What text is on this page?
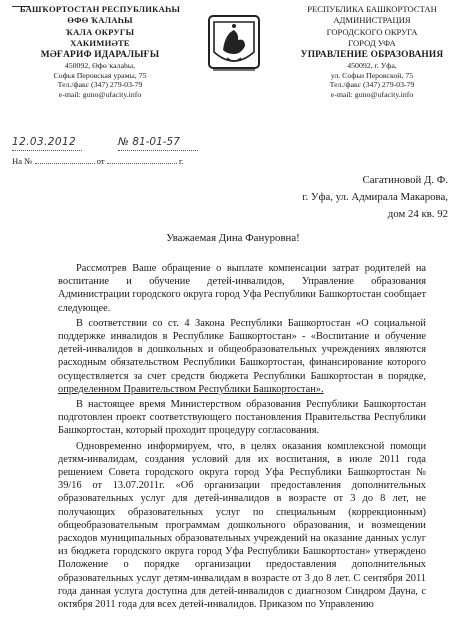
БАШҠОРТОСТАН РЕСПУБЛИКАҺЫ
ӨФӨ ҠАЛАҺЫ
ҠАЛА ОКРУГЫ
ХАКИМИӘТЕ
МӘҒАРИФ ИДАРАЛЫҒЫ
450092, Өфө ҡалаһы,
Софья Перовская урамы, 75
Тел./факс (347) 279-03-79
e-mail: guno@ufacity.info
РЕСПУБЛИКА БАШКОРТОСТАН
АДМИНИСТРАЦИЯ
ГОРОДСКОГО ОКРУГА
ГОРОД УФА
УПРАВЛЕНИЕ ОБРАЗОВАНИЯ
450092, г. Уфа,
ул. Софьи Перовской, 75
Тел./факс (347) 279-03-79
e-mail: guno@ufacity.info
12.03.2012	№ 81-01-57
На №	от	г.
Сагатиновой Д. Ф.
г. Уфа, ул. Адмирала Макарова,
дом 24 кв. 92
Уважаемая Дина Фануровна!

Рассмотрев Ваше обращение о выплате компенсации затрат родителей на воспитание и обучение детей-инвалидов, Управление образования Администрации городского округа город Уфа Республики Башкортостан сообщает следующее.

В соответствии со ст. 4 Закона Республики Башкортостан «О социальной поддержке инвалидов в Республике Башкортостан» - «Воспитание и обучение детей-инвалидов в дошкольных и общеобразовательных учреждениях являются расходным обязательством Республики Башкортостан, финансирование которого осуществляется за счет средств бюджета Республики Башкортостан в порядке, определенном Правительством Республики Башкортостан».

В настоящее время Министерством образования Республики Башкортостан подготовлен проект соответствующего постановления Правительства Республики Башкортостан, который проходит процедуру согласования.

Одновременно информируем, что, в целях оказания комплексной помощи детям-инвалидам, создания условий для их воспитания, в июле 2011 года решением Совета городского округа город Уфа Республики Башкортостан № 39/16 от 13.07.2011г. «Об организации предоставления дополнительных образовательных услуг для детей-инвалидов в возрасте от 3 до 8 лет, не получающих образовательных услуг по специальным (коррекционным) общеобразовательным программам дошкольного образования, и возмещении расходов муниципальных образовательных учреждений на оказание данных услуг из бюджета городского округа город Уфа Республики Башкортостан» утверждено Положение о порядке организации предоставления дополнительных образовательных услуг детям-инвалидам в возрасте от 3 до 8 лет. С сентября 2011 года данная услуга доступна для детей-инвалидов с диагнозом Синдром Дауна, с октября 2011 года для всех детей-инвалидов. Приказом по Управлению
